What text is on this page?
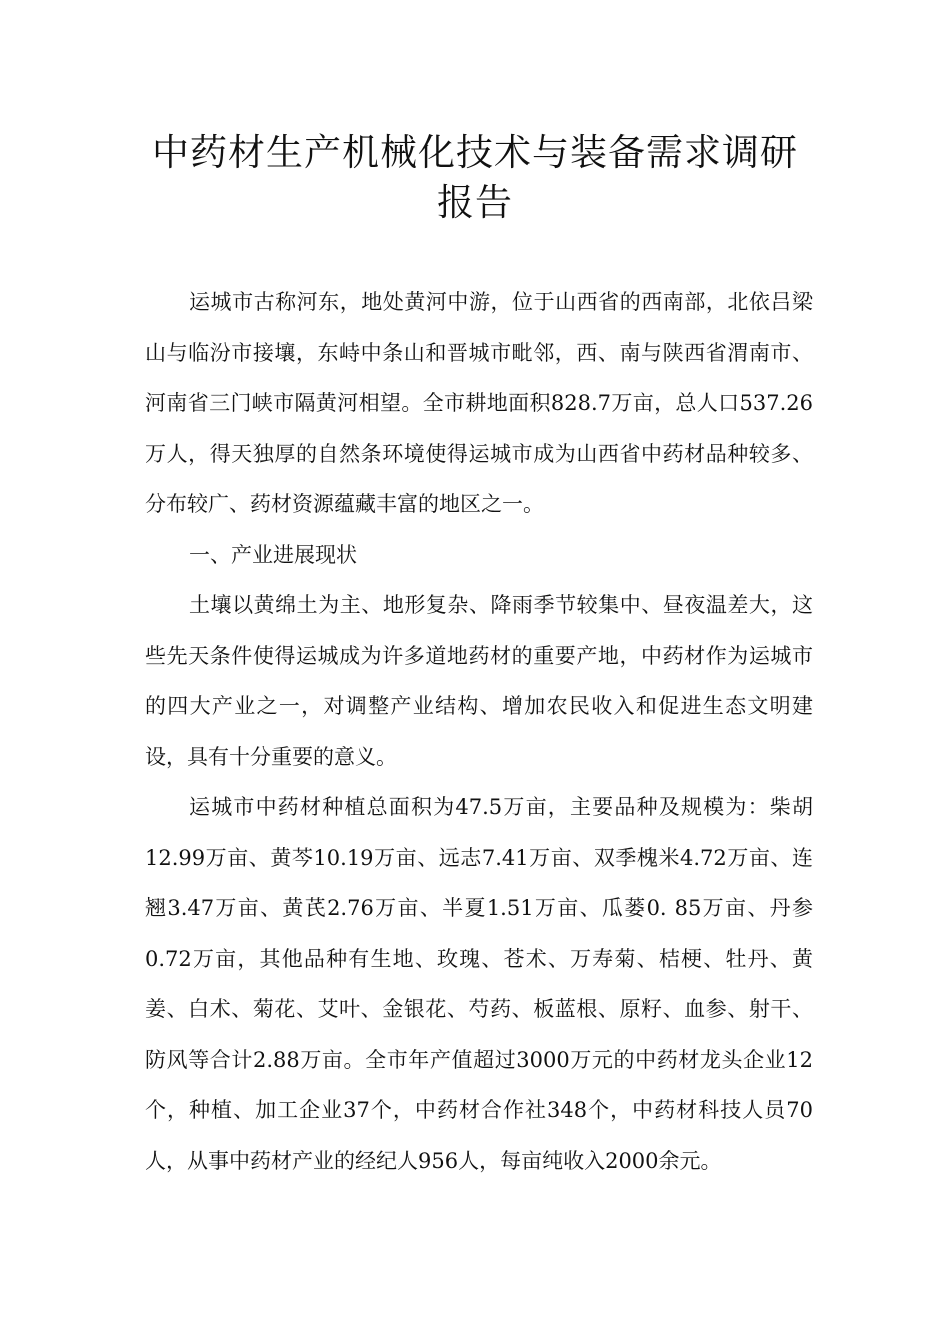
中药材生产机械化技术与装备需求调研
报告

运城市古称河东，地处黄河中游，位于山西省的西南部，北依吕梁山与临汾市接壤，东峙中条山和晋城市毗邻，西、南与陕西省渭南市、河南省三门峡市隔黄河相望。全市耕地面积828.7万亩，总人口537.26万人，得天独厚的自然条环境使得运城市成为山西省中药材品种较多、分布较广、药材资源蕴藏丰富的地区之一。

一、产业进展现状

土壤以黄绵土为主、地形复杂、降雨季节较集中、昼夜温差大，这些先天条件使得运城成为许多道地药材的重要产地，中药材作为运城市的四大产业之一，对调整产业结构、增加农民收入和促进生态文明建设，具有十分重要的意义。

运城市中药材种植总面积为47.5万亩，主要品种及规模为：柴胡12.99万亩、黄芩10.19万亩、远志7.41万亩、双季槐米4.72万亩、连翘3.47万亩、黄芪2.76万亩、半夏1.51万亩、瓜蒌0. 85万亩、丹参0.72万亩，其他品种有生地、玫瑰、苍术、万寿菊、桔梗、牡丹、黄姜、白术、菊花、艾叶、金银花、芍药、板蓝根、原籽、血参、射干、防风等合计2.88万亩。全市年产值超过3000万元的中药材龙头企业12个，种植、加工企业37个，中药材合作社348个，中药材科技人员70人，从事中药材产业的经纪人956人，每亩纯收入2000余元。
